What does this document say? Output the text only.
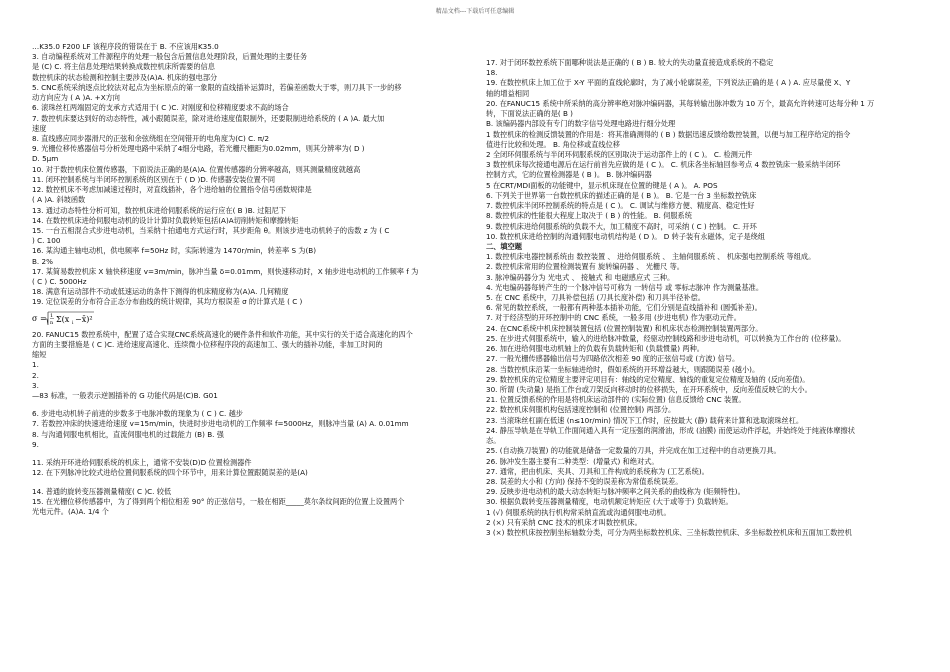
精品文档---下载后可任意编辑
…K35.0 F200 LF 该程序段的错误在于 B. 不应该用K35.0
3. 自动编程系统对工件源程序的处理一般包含后置信息处理阶段，后置处理的主要任务
是 (C) C. 将主信息处理结果转换成数控机床所需要的信息
数控机床的状态检测和控制主要涉及(A)A. 机床的强电部分
5. CNC系统采纳逐点比较法对起点为坐标原点的第一象限的直线插补运算时，若偏差函数大于零，则刀具下一步的移
动方向应为 ( A )A. +X方向
6. 滚珠丝杠两端固定的支承方式适用于( C )C. 对刚度和位移精度要求不高的场合
7. 数控机床要达到好的动态特性，减小跟随误差，除对进给速度值限制外，还要限制进给系统的 ( A )A. 最大加
速度
8. 直线感应同步器滑尺的正弦和余弦绕组在空间错开的电角度为(C) C. π/2
9. 光栅位移传感器信号分析处理电路中采纳了4细分电路，若光栅尺栅距为0.02mm，则其分辨率为( D )
D. 5μm
10. 对于数控机床位置传感器，下面说法正确的是(A)A. 位置传感器的分辨率越高，则其测量精度就越高
11. 闭环控制系统与半闭环控制系统的区别在于 ( D )D. 传感器安装位置不同
12. 数控机床不考虑加减速过程时，对直线插补，各个进给轴的位置指令信号函数规律是
( A )A. 斜坡函数
13. 通过动态特性分析可知，数控机床进给伺服系统的运行应在( B )B. 过阻尼下
14. 在数控机床进给伺服电动机的设计计算时负载转矩包括(A)A切削转矩和摩擦转矩
15. 一台五相混合式步进电动机，当采纳十拍通电方式运行时，其步距角 θ。则该步进电动机转子的齿数 z 为 ( C
) C. 100
16. 某沟通主轴电动机，供电频率 f=50Hz 时，实际转速为 1470r/min，转差率 S 为(B)
B. 2%
17. 某简易数控机床 X 轴快移速度 v=3m/min，脉冲当量 δ=0.01mm，则快速移动时，X 轴步进电动机的工作频率 f 为
( C ) C. 5000Hz
18. 满意有运动部件不动或低速运动的条件下测得的机床精度称为(A)A. 几何精度
19. 定位误差的分布符合正态分布曲线的统计规律，其均方根误差 σ 的计算式是 ( C )
σ = 1
n Σ(x i −x̄)²
20. FANUC15 数控系统中，配置了适合实现CNC系统高速化的硬件条件和软件功能，其中实行的关于适合高速化的四个
方面的主要措施是 ( C )C. 进给速度高速化、连续微小位移程序段的高速加工、强大的插补功能，非加工时间的
缩短
1.
2.
3.
—83 标准，一般表示逆圆插补的 G 功能代码是(C)B. G01
6. 步进电动机转子前进的步数多于电脉冲数的现象为 ( C ) C. 越步
7. 若数控冲床的快速进给速度 v=15m/min，快进时步进电动机的工作频率 f=5000Hz，则脉冲当量 (A) A. 0.01mm
8. 与沟通伺服电机相比，直流伺服电机的过载能力 (B) B. 强
9.
11. 采纳开环进给伺服系统的机床上，通常不安装(D)D 位置检测器件
12. 在下列脉冲比较式进给位置伺服系统的四个环节中，用来计算位置跟随误差的是(A)
14. 普通的旋转变压器测量精度( C )C. 较低
15. 在光栅位移传感器中，为了得到两个相位相差 90° 的正弦信号，一般在相距_____莫尔条纹间距的位置上设置两个
光电元件。(A)A. 1/4 个
17. 对于闭环数控系统下面哪种说法是正确的 ( B ) B. 较大的失动量直接造成系统的不稳定
18.
19. 在数控机床上加工位于 X-Y 平面的直线轮廓时，为了减小轮廓误差，下列说法正确的是 ( A ) A. 应尽量使 X、Y
轴的增益相同
20. 在FANUC15 系统中所采纳的高分辨率绝对脉冲编码器，其每转输出脉冲数为 10 万个，最高允许转速可达每分种 1 万
转，下面说法正确的是( B )
B. 该编码器内部设有专门的数字信号处理电路进行细分处理
1 数控机床的检测反馈装置的作用是：将其准确测得的 ( B ) 数据迅速反馈给数控装置，以便与加工程序给定的指令
值进行比较和处理。 B. 角位移或直线位移
2 全闭环伺服系统与半闭环伺服系统的区别取决于运动部件上的 ( C )。 C. 检测元件
3 数控机床每次接通电源后在运行前首先应做的是 ( C )。 C. 机床各坐标轴回参考点 4 数控铣床一般采纳半闭环
控制方式，它的位置检测器是 ( B )。 B. 脉冲编码器
5 在CRT/MDI面板的功能键中，显示机床现在位置的键是 ( A )。 A. POS
6. 下列关于世界第一台数控机床的描述正确的是 ( B )。 B. 它是一台 3 坐标数控铣床
7. 数控机床半闭环控制系统的特点是 ( C )。 C. 调试与维修方便、精度高、稳定性好
8. 数控机床的性能很大程度上取决于 ( B ) 的性能。 B. 伺服系统
9. 数控机床进给伺服系统的负载不大，加工精度不高时，可采纳 ( C ) 控制。 C. 开环
10. 数控机床进给控制的沟通伺服电动机结构是 ( D )。 D 转子装有永磁体，定子是绕组
二、填空题
1. 数控机床电器控制系统由 数控装置 、 进给伺服系统 、 主轴伺服系统 、 机床强电控制系统 等组成。
2. 数控机床常用的位置检测装置有 旋转编码器 、 光栅尺 等。
3. 脉冲编码器分为 光电式 、 接触式 和 电磁感应式 三种。
4. 光电编码器每转产生的一个脉冲信号可称为 一转信号 或 零标志脉冲 作为测量基准。
5. 在 CNC 系统中，刀具补偿包括 (刀具长度补偿) 和刀具半径补偿。
6. 常见的数控系统，一般都有两种基本插补功能，它们分别是直线插补和 (圆弧补差)。
7. 对于经济型的开环控制中的 CNC 系统，一般多用 (步进电机) 作为驱动元件。
24. 在CNC系统中机床控制装置包括 (位置控制装置) 和机床状态检测控制装置两部分。
25. 在步进式伺服系统中，输入的进给脉冲数量，经驱动控制线路和步进电动机，可以转换为工作台的 (位移量)。
26. 加在进给伺服电动机轴上的负载有负载转矩和 (负载惯量) 两种。
27. 一般光栅传感器输出信号为四路依次相差 90 度的正弦信号或 (方波) 信号。
28. 当数控机床沿某一坐标轴进给时，假如系统的开环增益越大，则跟随误差 (越小)。
29. 数控机床的定位精度主要评定项目有：轴线的定位精度、轴线的重复定位精度及轴的 (反向差值)。
30. 所谓 (失动量) 是指工作台或刀架反向移动时的位移损失，在开环系统中，反向差值反映它的大小。
21. 位置反馈系统的作用是将机床运动部件的 (实际位置) 信息反馈给 CNC 装置。
22. 数控机床伺服机构包括速度控制和 (位置控制) 两部分。
23. 当滚珠丝杠副在低速 (n≤10r/min) 情况下工作时，应按最大 (静) 载荷来计算和选取滚珠丝杠。
24. 静压导轨是在导轨工作面间通入具有一定压强的润滑油，形成 (油膜) 而使运动件浮起，并始终处于纯液体摩擦状
态。
25. (自动换刀装置) 的功能就是储备一定数量的刀具，并完成在加工过程中的自动更换刀具。
26. 脉冲发生器主要有二种类型：(增量式) 和绝对式。
27. 通常，把由机床、夹具、刀具和工件构成的系统称为 (工艺系统)。
28. 误差的大小和 (方向) 保持不变的误差称为常值系统误差。
29. 反映步进电动机的最大动态转矩与脉冲频率之间关系的曲线称为 (矩频特性)。
30. 根据负载转变压器测量精度，电动机额定转矩应 (大于或等于) 负载转矩。
1 (√) 伺服系统的执行机构常采纳直流或沟通伺服电动机。
2 (×) 只有采纳 CNC 技术的机床才叫数控机床。
3 (×) 数控机床按控制坐标轴数分类，可分为两坐标数控机床、三坐标数控机床、多坐标数控机床和五面加工数控机
